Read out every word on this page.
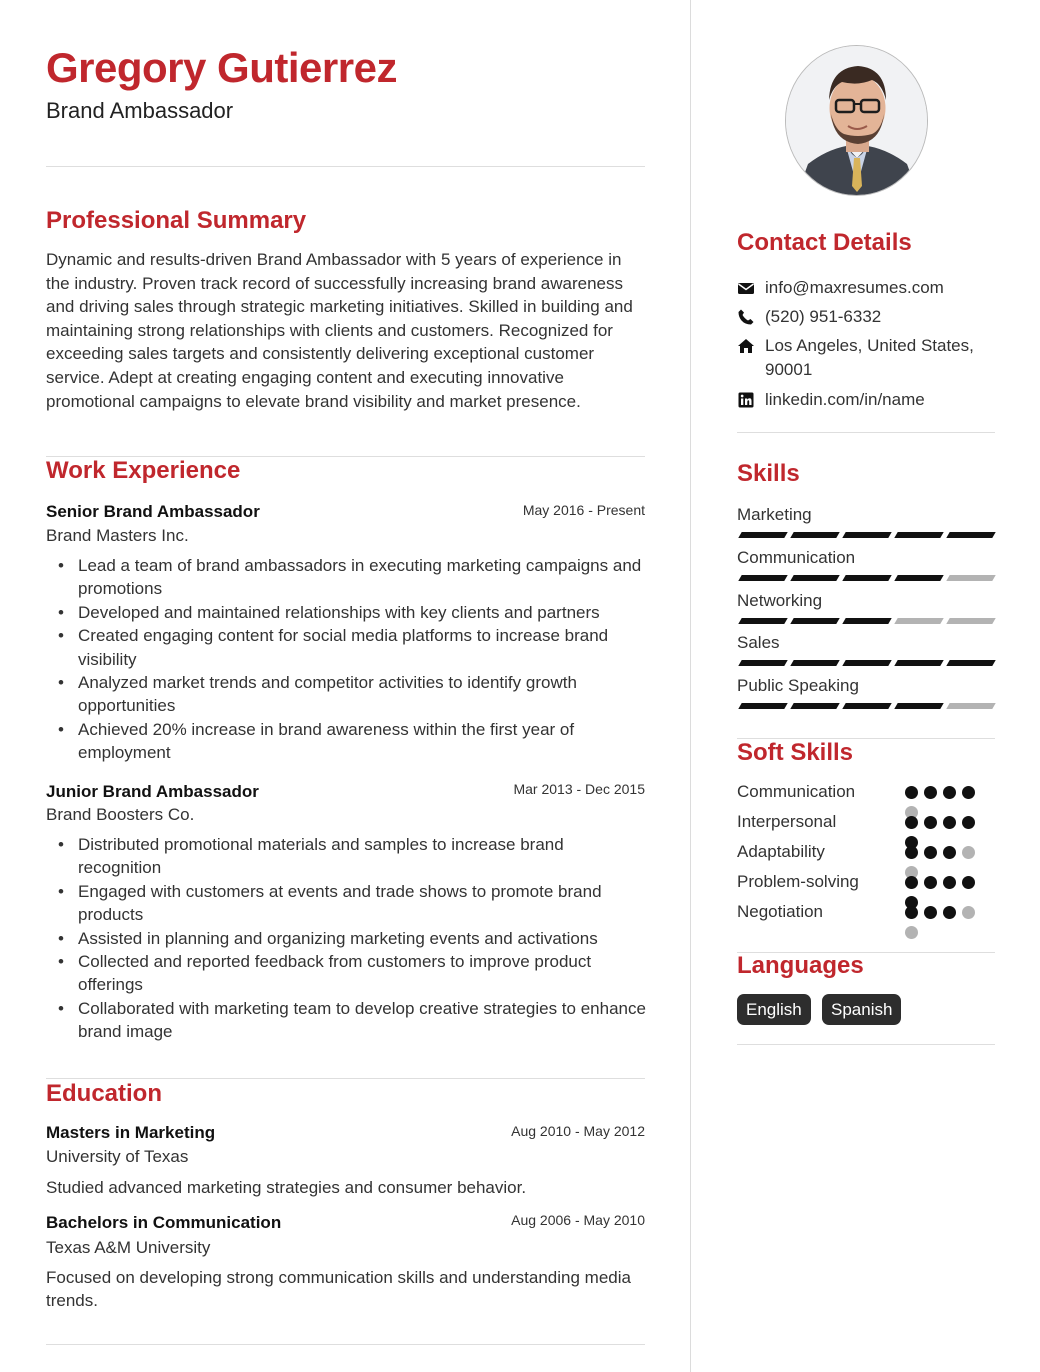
Gregory Gutierrez
Brand Ambassador
Professional Summary
Dynamic and results-driven Brand Ambassador with 5 years of experience in the industry. Proven track record of successfully increasing brand awareness and driving sales through strategic marketing initiatives. Skilled in building and maintaining strong relationships with clients and customers. Recognized for exceeding sales targets and consistently delivering exceptional customer service. Adept at creating engaging content and executing innovative promotional campaigns to elevate brand visibility and market presence.
Work Experience
Senior Brand Ambassador	May 2016 - Present
Brand Masters Inc.
• Lead a team of brand ambassadors in executing marketing campaigns and promotions
• Developed and maintained relationships with key clients and partners
• Created engaging content for social media platforms to increase brand visibility
• Analyzed market trends and competitor activities to identify growth opportunities
• Achieved 20% increase in brand awareness within the first year of employment
Junior Brand Ambassador	Mar 2013 - Dec 2015
Brand Boosters Co.
• Distributed promotional materials and samples to increase brand recognition
• Engaged with customers at events and trade shows to promote brand products
• Assisted in planning and organizing marketing events and activations
• Collected and reported feedback from customers to improve product offerings
• Collaborated with marketing team to develop creative strategies to enhance brand image
Education
Masters in Marketing	Aug 2010 - May 2012
University of Texas
Studied advanced marketing strategies and consumer behavior.
Bachelors in Communication	Aug 2006 - May 2010
Texas A&M University
Focused on developing strong communication skills and understanding media trends.
Contact Details
info@maxresumes.com
(520) 951-6332
Los Angeles, United States, 90001
linkedin.com/in/name
Skills
Marketing
Communication
Networking
Sales
Public Speaking
Soft Skills
Communication
Interpersonal
Adaptability
Problem-solving
Negotiation
Languages
English	Spanish
